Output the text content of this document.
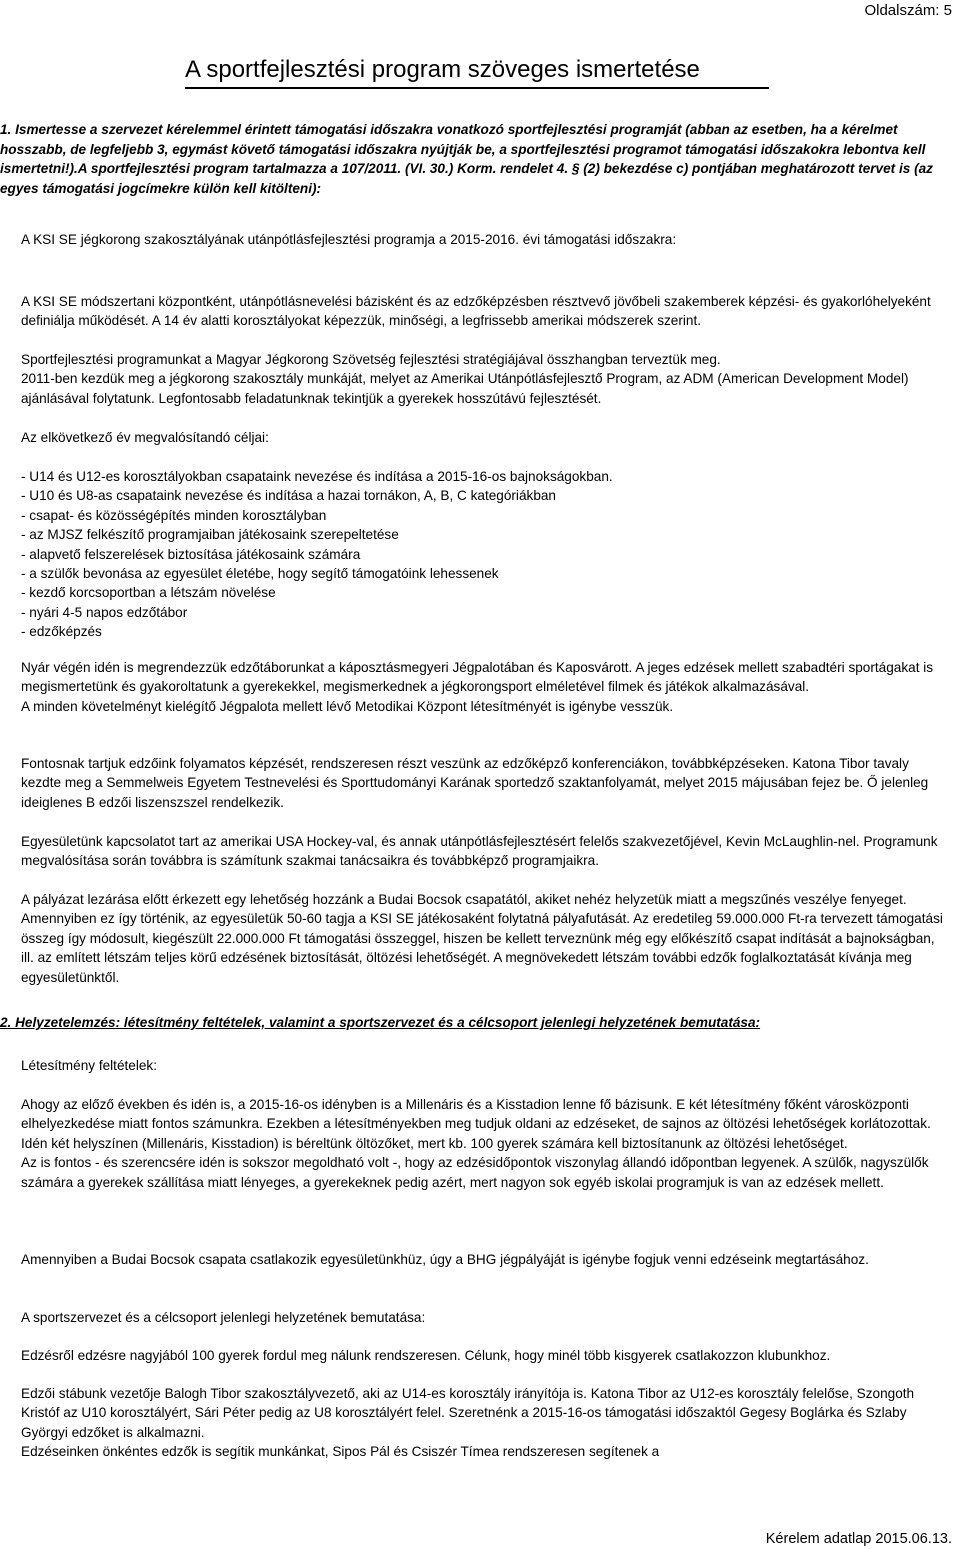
Oldalszám: 5
A sportfejlesztési program szöveges ismertetése

1. Ismertesse a szervezet kérelemmel érintett támogatási időszakra vonatkozó sportfejlesztési programját (abban az esetben, ha a kérelmet hosszabb, de legfeljebb 3, egymást követő támogatási időszakra nyújtják be, a sportfejlesztési programot támogatási időszakokra lebontva kell ismertetni!).A sportfejlesztési program tartalmazza a 107/2011. (VI. 30.) Korm. rendelet 4. § (2) bekezdése c) pontjában meghatározott tervet is (az egyes támogatási jogcímekre külön kell kitölteni):

A KSI SE jégkorong szakosztályának utánpótlásfejlesztési programja a 2015-2016. évi támogatási időszakra:

A KSI SE módszertani központként, utánpótlásnevelési bázisként és az edzőképzésben résztvevő jövőbeli szakemberek képzési- és gyakorlóhelyeként definiálja működését. A 14 év alatti korosztályokat képezzük, minőségi, a legfrissebb amerikai módszerek szerint.

Sportfejlesztési programunkat a Magyar Jégkorong Szövetség fejlesztési stratégiájával összhangban terveztük meg.

2011-ben kezdük meg a jégkorong szakosztály munkáját, melyet az Amerikai Utánpótlásfejlesztő Program, az ADM (American Development Model) ajánlásával folytatunk. Legfontosabb feladatunknak tekintjük a gyerekek hosszútávú fejlesztését.

Az elkövetkező év megvalósítandó céljai:

- U14 és U12-es korosztályokban csapataink nevezése és indítása a 2015-16-os bajnokságokban.

- U10 és U8-as csapataink nevezése és indítása a hazai tornákon, A, B, C kategóriákban

- csapat- és közösségépítés minden korosztályban

- az MJSZ felkészítő programjaiban játékosaink szerepeltetése

- alapvető felszerelések biztosítása játékosaink számára

- a szülők bevonása az egyesület életébe, hogy segítő támogatóink lehessenek

- kezdő korcsoportban a létszám növelése

- nyári 4-5 napos edzőtábor

- edzőképzés

Nyár végén idén is megrendezzük edzőtáborunkat a káposztásmegyeri Jégpalotában és Kaposvárott. A jeges edzések mellett szabadtéri sportágakat is megismertetünk és gyakoroltatunk a gyerekekkel, megismerkednek a jégkorongsport elméletével filmek és játékok alkalmazásával.

A minden követelményt kielégítő Jégpalota mellett lévő Metodikai Központ létesítményét is igénybe vesszük.

Fontosnak tartjuk edzőink folyamatos képzését, rendszeresen részt veszünk az edzőképző konferenciákon, továbbképzéseken. Katona Tibor tavaly kezdte meg a Semmelweis Egyetem Testnevelési és Sporttudományi Karának sportedző szaktanfolyamát, melyet 2015 májusában fejez be. Ő jelenleg ideiglenes B edzői liszenszszel rendelkezik.

Egyesületünk kapcsolatot tart az amerikai USA Hockey-val, és annak utánpótlásfejlesztésért felelős szakvezetőjével, Kevin McLaughlin-nel. Programunk megvalósítása során továbbra is számítunk szakmai tanácsaikra és továbbképző programjaikra.

A pályázat lezárása előtt érkezett egy lehetőség hozzánk a Budai Bocsok csapatától, akiket nehéz helyzetük miatt a megszűnés veszélye fenyeget. Amennyiben ez így történik, az egyesületük 50-60 tagja a KSI SE játékosaként folytatná pályafutását. Az eredetileg 59.000.000 Ft-ra tervezett támogatási összeg így módosult, kiegészült 22.000.000 Ft támogatási összeggel, hiszen be kellett terveznünk még egy előkészítő csapat indítását a bajnokságban, ill. az említett létszám teljes körű edzésének biztosítását, öltözési lehetőségét. A megnövekedett létszám további edzők foglalkoztatását kívánja meg egyesületünktől.

2. Helyzetelemzés: létesítmény feltételek, valamint a sportszervezet és a célcsoport jelenlegi helyzetének bemutatása:

Létesítmény feltételek:

Ahogy az előző években és idén is, a 2015-16-os idényben is a Millenáris és a Kisstadion lenne fő bázisunk. E két létesítmény főként városközponti elhelyezkedése miatt fontos számunkra. Ezekben a létesítményekben meg tudjuk oldani az edzéseket, de sajnos az öltözési lehetőségek korlátozottak. Idén két helyszínen (Millenáris, Kisstadion) is béreltünk öltözőket, mert kb. 100 gyerek számára kell biztosítanunk az öltözési lehetőséget.

Az is fontos - és szerencsére idén is sokszor megoldható volt -, hogy az edzésidőpontok viszonylag állandó időpontban legyenek. A szülők, nagyszülők számára a gyerekek szállítása miatt lényeges, a gyerekeknek pedig azért, mert nagyon sok egyéb iskolai programjuk is van az edzések mellett.

Amennyiben a Budai Bocsok csapata csatlakozik egyesületünkhüz, úgy a BHG jégpályáját is igénybe fogjuk venni edzéseink megtartásához.

A sportszervezet és a célcsoport jelenlegi helyzetének bemutatása:

Edzésről edzésre nagyjából 100 gyerek fordul meg nálunk rendszeresen. Célunk, hogy minél több kisgyerek csatlakozzon klubunkhoz.

Edzői stábunk vezetője Balogh Tibor szakosztályvezető, aki az U14-es korosztály irányítója is. Katona Tibor az U12-es korosztály felelőse, Szongoth Kristóf az U10 korosztályért, Sári Péter pedig az U8 korosztályért felel. Szeretnénk a 2015-16-os támogatási időszaktól Gegesy Boglárka és Szlaby Györgyi edzőket is alkalmazni.

Edzéseinken önkéntes edzők is segítik munkánkat, Sipos Pál és Csiszér Tímea rendszeresen segítenek a

Kérelem adatlap 2015.06.13.
